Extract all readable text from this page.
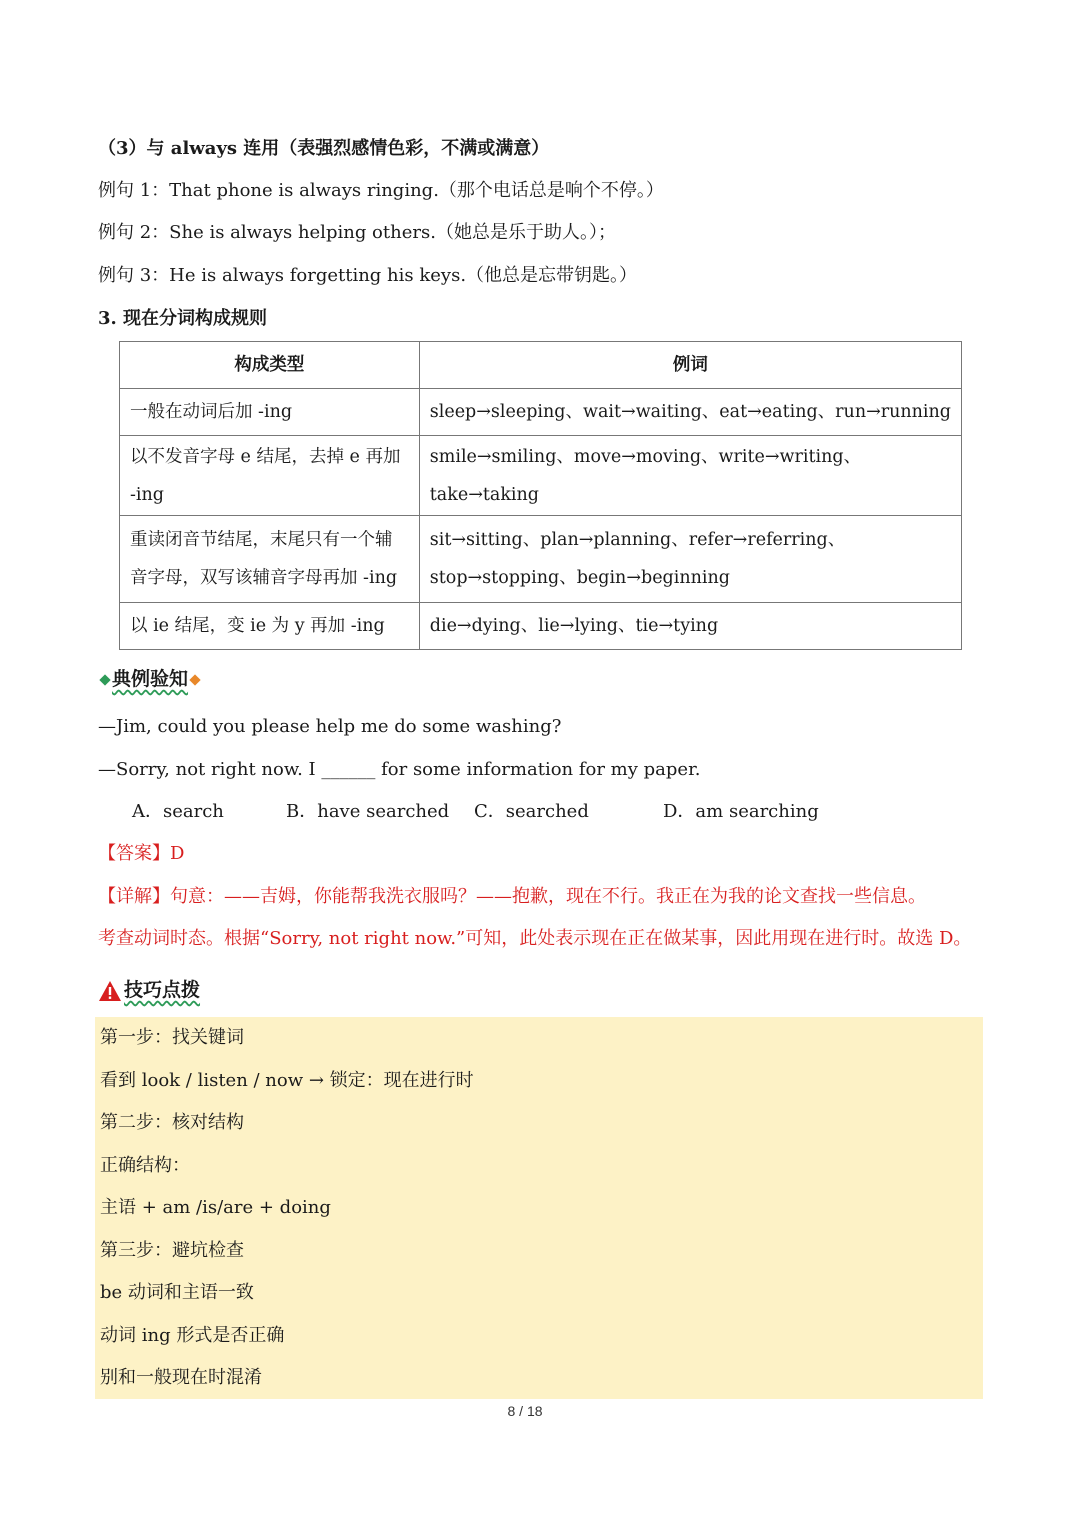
（3）与 always 连用（表强烈感情色彩，不满或满意）
例句 1：That phone is always ringing.（那个电话总是响个不停。）
例句 2：She is always helping others.（她总是乐于助人。）；
例句 3：He is always forgetting his keys.（他总是忘带钥匙。）
3. 现在分词构成规则
构成类型	例词
一般在动词后加 -ing	sleep→sleeping、wait→waiting、eat→eating、run→running
以不发音字母 e 结尾，去掉 e 再加 -ing	smile→smiling、move→moving、write→writing、take→taking
重读闭音节结尾，末尾只有一个辅音字母，双写该辅音字母再加 -ing	sit→sitting、plan→planning、refer→referring、stop→stopping、begin→beginning
以 ie 结尾，变 ie 为 y 再加 -ing	die→dying、lie→lying、tie→tying
典例验知
—Jim, could you please help me do some washing?
—Sorry, not right now. I ______ for some information for my paper.
A．search	B．have searched C．searched	D．am searching
【答案】D
【详解】句意：——吉姆，你能帮我洗衣服吗？——抱歉，现在不行。我正在为我的论文查找一些信息。
考查动词时态。根据“Sorry, not right now.”可知，此处表示现在正在做某事，因此用现在进行时。故选 D。
技巧点拨
第一步：找关键词
看到 look / listen / now → 锁定：现在进行时
第二步：核对结构
正确结构：
主语 + am /is/are + doing
第三步：避坑检查
be 动词和主语一致
动词 ing 形式是否正确
别和一般现在时混淆
8 / 18
